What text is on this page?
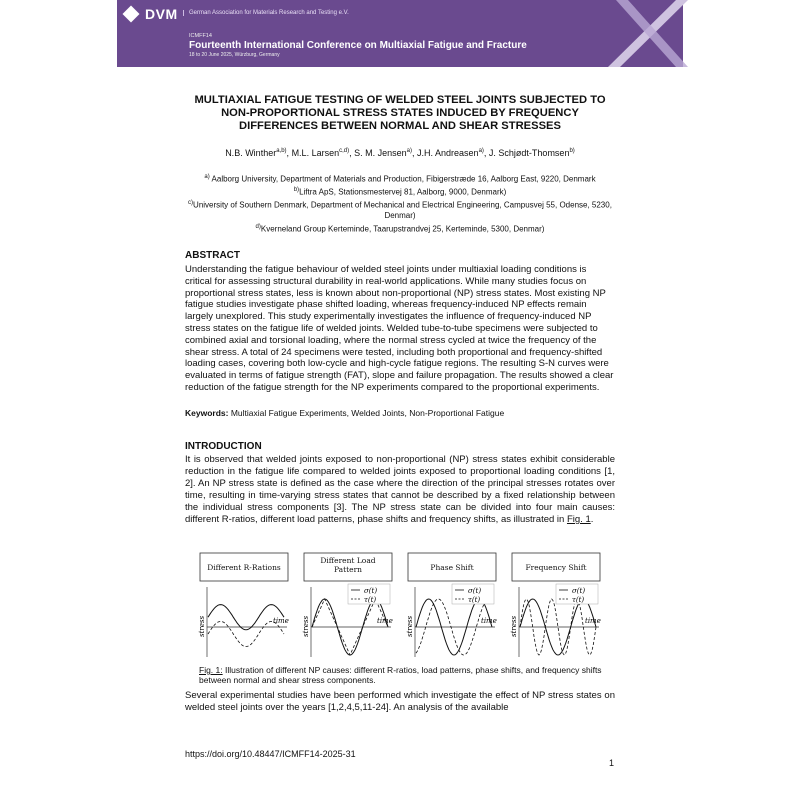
DVM	German Association for Materials Research and Testing e.V.
ICMFF14
Fourteenth International Conference on Multiaxial Fatigue and Fracture
18 to 20 June 2025, Würzburg, Germany
MULTIAXIAL FATIGUE TESTING OF WELDED STEEL JOINTS SUBJECTED TO NON-PROPORTIONAL STRESS STATES INDUCED BY FREQUENCY DIFFERENCES BETWEEN NORMAL AND SHEAR STRESSES
N.B. Winther$^{a,b)}$, M.L. Larsen$^{c,d)}$, S. M. Jensen$^{a)}$, J.H. Andreasen$^{a)}$, J. Schjødt-Thomsen$^{b)}$
$^{a)}$ Aalborg University, Department of Materials and Production, Fibigerstræde 16, Aalborg East, 9220, Denmark
$^{b)}$Liftra ApS, Stationsmestervej 81, Aalborg, 9000, Denmark)
$^{c)}$University of Southern Denmark, Department of Mechanical and Electrical Engineering, Campusvej 55, Odense, 5230, Denmar)
$^{d)}$Kverneland Group Kerteminde, Taarupstrandvej 25, Kerteminde, 5300, Denmar)
ABSTRACT
Understanding the fatigue behaviour of welded steel joints under multiaxial loading conditions is critical for assessing structural durability in real-world applications. While many studies focus on proportional stress states, less is known about non-proportional (NP) stress states. Most existing NP fatigue studies investigate phase shifted loading, whereas frequency-induced NP effects remain largely unexplored. This study experimentally investigates the influence of frequency-induced NP stress states on the fatigue life of welded joints. Welded tube-to-tube specimens were subjected to combined axial and torsional loading, where the normal stress cycled at twice the frequency of the shear stress. A total of 24 specimens were tested, including both proportional and frequency-shifted loading cases, covering both low-cycle and high-cycle fatigue regions. The resulting S-N curves were evaluated in terms of fatigue strength (FAT), slope and failure propagation. The results showed a clear reduction of the fatigue strength for the NP experiments compared to the proportional experiments.
Keywords: Multiaxial Fatigue Experiments, Welded Joints, Non-Proportional Fatigue
INTRODUCTION
It is observed that welded joints exposed to non-proportional (NP) stress states exhibit considerable reduction in the fatigue life compared to welded joints exposed to proportional loading conditions [1, 2]. An NP stress state is defined as the case where the direction of the principal stresses rotates over time, resulting in time-varying stress states that cannot be described by a fixed relationship between the individual stress components [3]. The NP stress state can be divided into four main causes: different R-ratios, different load patterns, phase shifts and frequency shifts, as illustrated in Fig. 1.
Different R-Rations
time
stress
Different Load
Pattern
time
stress
σ(t)
τ(t)
Phase Shift
time
stress
σ(t)
τ(t)
Frequency Shift
time
stress
σ(t)
τ(t)
Fig. 1: Illustration of different NP causes: different R-ratios, load patterns, phase shifts, and frequency shifts between normal and shear stress components.
Several experimental studies have been performed which investigate the effect of NP stress states on welded steel joints over the years [1,2,4,5,11-24]. An analysis of the available
https://doi.org/10.48447/ICMFF14-2025-31
1
